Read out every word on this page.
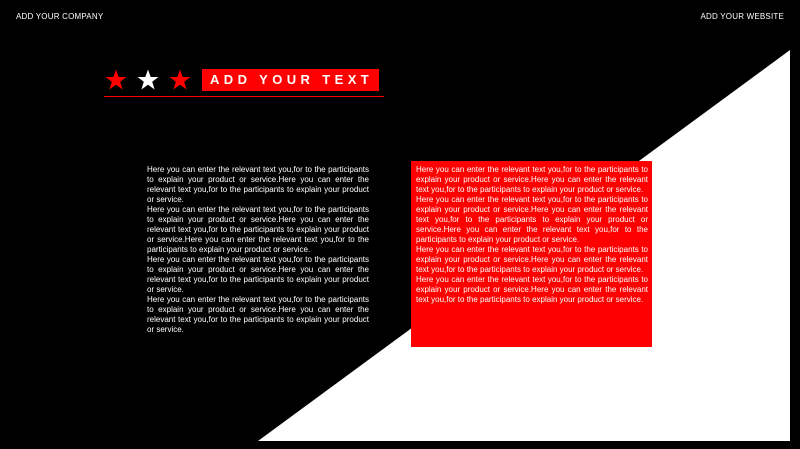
ADD YOUR COMPANY	ADD YOUR WEBSITE
ADD YOUR TEXT
Here you can enter the relevant text you,for to the participants to explain your product or service.Here you can enter the relevant text you,for to the participants to explain your product or service.
Here you can enter the relevant text you,for to the participants to explain your product or service.Here you can enter the relevant text you,for to the participants to explain your product or service.Here you can enter the relevant text you,for to the participants to explain your product or service.
Here you can enter the relevant text you,for to the participants to explain your product or service.Here you can enter the relevant text you,for to the participants to explain your product or service.
Here you can enter the relevant text you,for to the participants to explain your product or service.Here you can enter the relevant text you,for to the participants to explain your product or service.
Here you can enter the relevant text you,for to the participants to explain your product or service.Here you can enter the relevant text you,for to the participants to explain your product or service.
Here you can enter the relevant text you,for to the participants to explain your product or service.Here you can enter the relevant text you,for to the participants to explain your product or service.Here you can enter the relevant text you,for to the participants to explain your product or service.
Here you can enter the relevant text you,for to the participants to explain your product or service.Here you can enter the relevant text you,for to the participants to explain your product or service.
Here you can enter the relevant text you,for to the participants to explain your product or service.Here you can enter the relevant text you,for to the participants to explain your product or service.
